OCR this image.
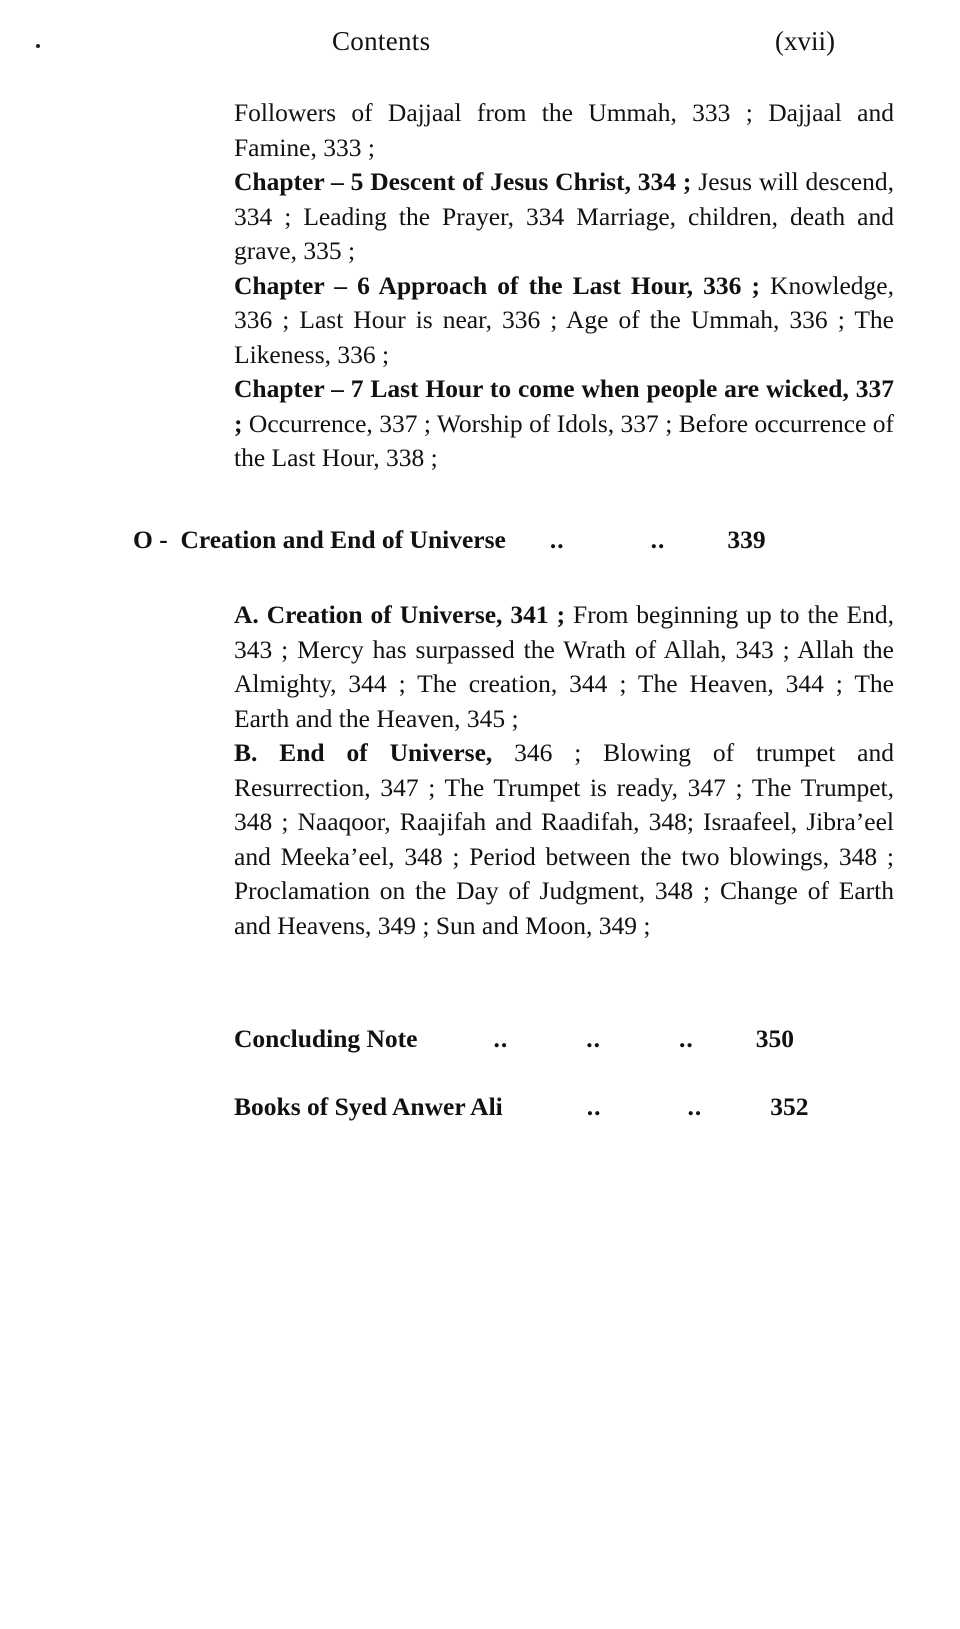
Contents	(xvii)

Followers of Dajjaal from the Ummah, 333 ; Dajjaal and Famine, 333 ;

Chapter – 5 Descent of Jesus Christ, 334 ; Jesus will descend, 334 ; Leading the Prayer, 334 Marriage, children, death and grave, 335 ;

Chapter – 6 Approach of the Last Hour, 336 ; Knowledge, 336 ; Last Hour is near, 336 ; Age of the Ummah, 336 ; The Likeness, 336 ;

Chapter – 7 Last Hour to come when people are wicked, 337 ; Occurrence, 337 ; Worship of Idols, 337 ; Before occurrence of the Last Hour, 338 ;

O -  Creation and End of Universe ..	.. 339

A. Creation of Universe, 341 ; From beginning up to the End, 343 ; Mercy has surpassed the Wrath of Allah, 343 ; Allah the Almighty, 344 ; The creation, 344 ; The Heaven, 344 ; The Earth and the Heaven, 345 ;

B. End of Universe, 346 ; Blowing of trumpet and Resurrection, 347 ; The Trumpet is ready, 347 ; The Trumpet, 348 ; Naaqoor, Raajifah and Raadifah, 348; Israafeel, Jibra’eel and Meeka’eel, 348 ; Period between the two blowings, 348 ; Proclamation on the Day of Judgment, 348 ; Change of Earth and Heavens, 349 ; Sun and Moon, 349 ;

Concluding Note	..	..	.. 350
Books of Syed Anwer Ali	..	..	352
